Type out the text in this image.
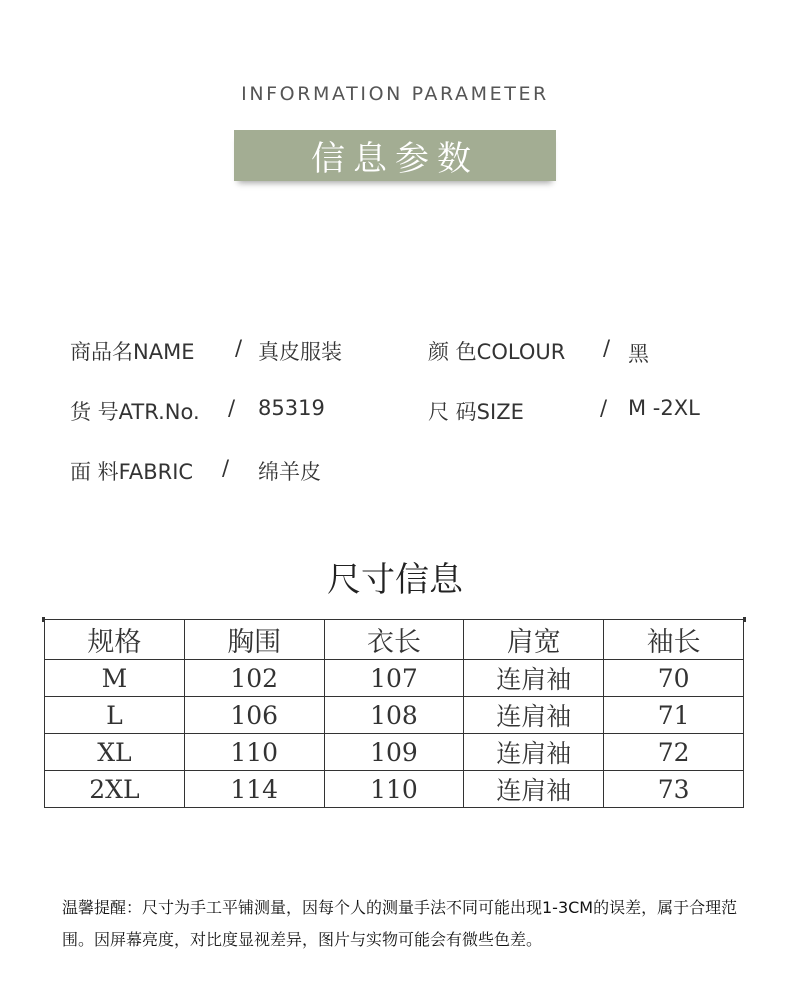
INFORMATION PARAMETER
信息参数
商品名NAME / 真皮服装	颜 色COLOUR / 黑
货 号ATR.No. / 85319	尺 码SIZE	/ M -2XL
面 料FABRIC / 绵羊皮
尺寸信息
规格	胸围	衣长	肩宽	袖长
M	102	107	连肩袖	70
L	106	108	连肩袖	71
XL	110	109	连肩袖	72
2XL	114	110	连肩袖	73
温馨提醒：尺寸为手工平铺测量，因每个人的测量手法不同可能出现1-3CM的误差，属于合理范围。因屏幕亮度，对比度显视差异，图片与实物可能会有微些色差。
